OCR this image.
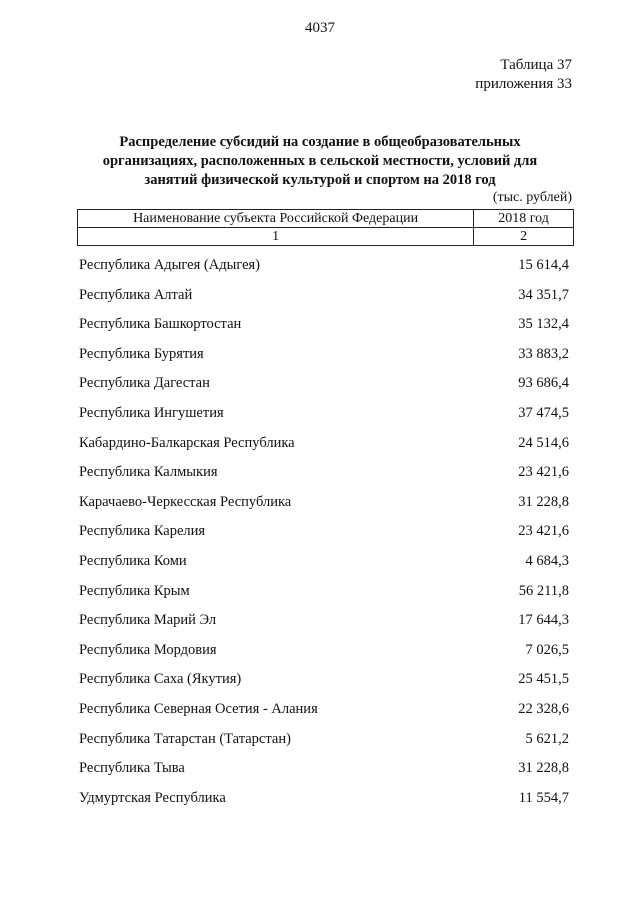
4037
Таблица 37
приложения 33
Распределение субсидий на создание в общеобразовательных
организациях, расположенных в сельской местности, условий для
занятий физической культурой и спортом на 2018 год
(тыс. рублей)
Наименование субъекта Российской Федерации	2018 год
1	2
Республика Адыгея (Адыгея)	15 614,4
Республика Алтай	34 351,7
Республика Башкортостан	35 132,4
Республика Бурятия	33 883,2
Республика Дагестан	93 686,4
Республика Ингушетия	37 474,5
Кабардино-Балкарская Республика	24 514,6
Республика Калмыкия	23 421,6
Карачаево-Черкесская Республика	31 228,8
Республика Карелия	23 421,6
Республика Коми	4 684,3
Республика Крым	56 211,8
Республика Марий Эл	17 644,3
Республика Мордовия	7 026,5
Республика Саха (Якутия)	25 451,5
Республика Северная Осетия - Алания	22 328,6
Республика Татарстан (Татарстан)	5 621,2
Республика Тыва	31 228,8
Удмуртская Республика	11 554,7
